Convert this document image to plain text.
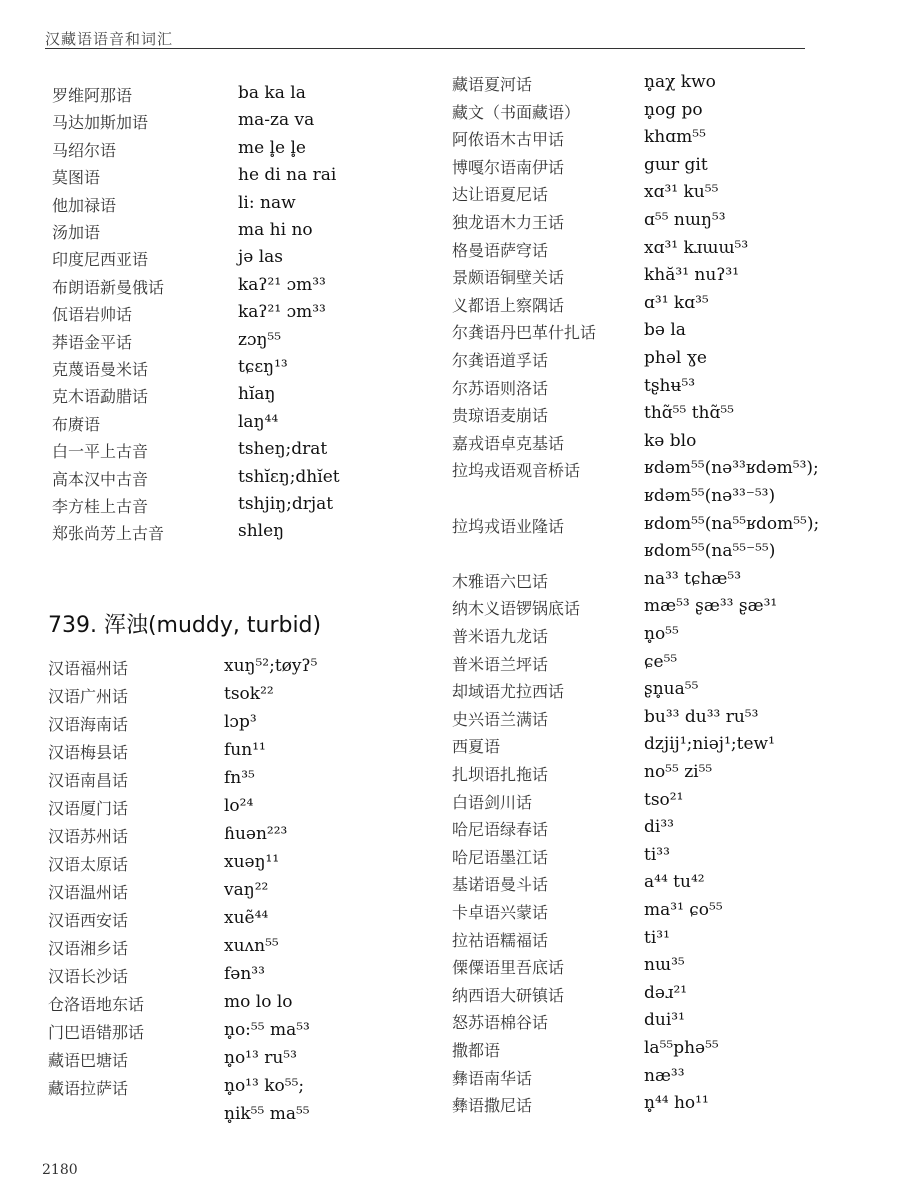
汉藏语语音和词汇
罗维阿那语	ba ka la
马达加斯加语	ma-za va
马绍尔语	me l̥e l̥e
莫图语	he di na rai
他加禄语	li: naw
汤加语	ma hi no
印度尼西亚语	jə las
布朗语新曼俄话	kaʔ²¹ ɔm³³
佤语岩帅话	kaʔ²¹ ɔm³³
莽语金平话	zɔŋ⁵⁵
克蔑语曼米话	tɕɛŋ¹³
克木语勐腊话	hĭaŋ
布赓语	laŋ⁴⁴
白一平上古音	tsheŋ;drat
高本汉中古音	tshĭɛŋ;dhĭet
李方桂上古音	tshjiŋ;drjat
郑张尚芳上古音	shleŋ
739. 浑浊(muddy, turbid)
汉语福州话	xuŋ⁵²;tøyʔ⁵
汉语广州话	tsok²²
汉语海南话	lɔp³
汉语梅县话	fun¹¹
汉语南昌话	fn³⁵
汉语厦门话	lo²⁴
汉语苏州话	ɦuən²²³
汉语太原话	xuəŋ¹¹
汉语温州话	vaŋ²²
汉语西安话	xuẽ⁴⁴
汉语湘乡话	xuʌn⁵⁵
汉语长沙话	fən³³
仓洛语地东话	mo lo lo
门巴语错那话	n̥o:⁵⁵ ma⁵³
藏语巴塘话	n̥o¹³ ru⁵³
藏语拉萨话	n̥o¹³ ko⁵⁵;
n̥ik⁵⁵ ma⁵⁵
藏语夏河话	n̥aχ kwo
藏文（书面藏语）	n̥og po
阿侬语木古甲话	khɑm⁵⁵
博嘎尔语南伊话	gɯr git
达让语夏尼话	xɑ³¹ ku⁵⁵
独龙语木力王话	ɑ⁵⁵ nɯŋ⁵³
格曼语萨穹话	xɑ³¹ kɹɯɯ⁵³
景颇语铜壁关话	khă³¹ nuʔ³¹
义都语上察隅话	ɑ³¹ kɑ³⁵
尔龚语丹巴革什扎话	bə la
尔龚语道孚话	phəl ɣe
尔苏语则洛话	tʂhʉ⁵³
贵琼语麦崩话	thɑ̃⁵⁵ thɑ̃⁵⁵
嘉戎语卓克基话	kə blo
拉坞戎语观音桥话	ʁdəm⁵⁵(nə³³ʁdəm⁵³);
ʁdəm⁵⁵(nə³³⁻⁵³)
拉坞戎语业隆话	ʁdom⁵⁵(na⁵⁵ʁdom⁵⁵);
ʁdom⁵⁵(na⁵⁵⁻⁵⁵)
木雅语六巴话	na³³ tɕhæ⁵³
纳木义语锣锅底话	mæ⁵³ ʂæ³³ ʂæ³¹
普米语九龙话	n̥o⁵⁵
普米语兰坪话	ɕe⁵⁵
却域语尤拉西话	ʂn̥ua⁵⁵
史兴语兰满话	bu³³ du³³ ru⁵³
西夏语	dzjij¹;niəj¹;tew¹
扎坝语扎拖话	no⁵⁵ zi⁵⁵
白语剑川话	tso²¹
哈尼语绿春话	di³³
哈尼语墨江话	ti³³
基诺语曼斗话	a⁴⁴ tu⁴²
卡卓语兴蒙话	ma³¹ ɕo⁵⁵
拉祜语糯福话	ti³¹
傈僳语里吾底话	nɯ³⁵
纳西语大研镇话	dəɹ²¹
怒苏语棉谷话	dui³¹
撒都语	la⁵⁵phə⁵⁵
彝语南华话	næ³³
彝语撒尼话	n̥⁴⁴ ho¹¹
2180
